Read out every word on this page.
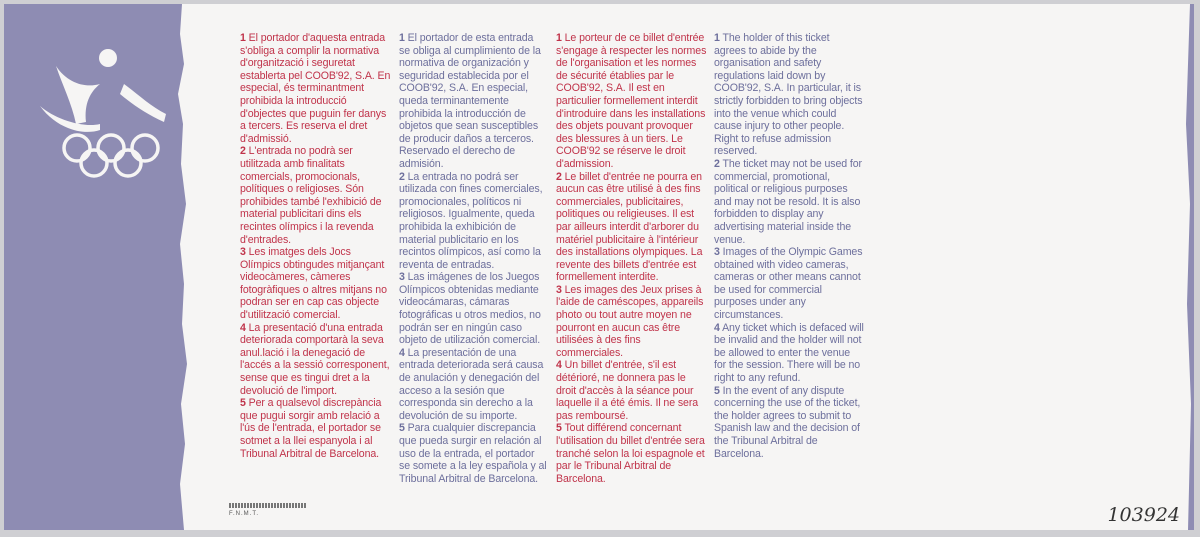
1 El portador d'aquesta entrada s'obliga a complir la normativa d'organització i seguretat establerta pel COOB'92, S.A. En especial, és terminantment prohibida la introducció d'objectes que puguin fer danys a tercers. Es reserva el dret d'admissió.

2 L'entrada no podrà ser utilitzada amb finalitats comercials, promocionals, polítiques o religioses. Són prohibides també l'exhibició de material publicitari dins els recintes olímpics i la revenda d'entrades.

3 Les imatges dels Jocs Olímpics obtingudes mitjançant videocàmeres, càmeres fotogràfiques o altres mitjans no podran ser en cap cas objecte d'utilització comercial.

4 La presentació d'una entrada deteriorada comportarà la seva anul.lació i la denegació de l'accés a la sessió corresponent, sense que es tingui dret a la devolució de l'import.

5 Per a qualsevol discrepància que pugui sorgir amb relació a l'ús de l'entrada, el portador se sotmet a la llei espanyola i al Tribunal Arbitral de Barcelona.

1 El portador de esta entrada se obliga al cumplimiento de la normativa de organización y seguridad establecida por el COOB'92, S.A. En especial, queda terminantemente prohibida la introducción de objetos que sean susceptibles de producir daños a terceros. Reservado el derecho de admisión.

2 La entrada no podrá ser utilizada con fines comerciales, promocionales, políticos ni religiosos. Igualmente, queda prohibida la exhibición de material publicitario en los recintos olímpicos, así como la reventa de entradas.

3 Las imágenes de los Juegos Olímpicos obtenidas mediante videocámaras, cámaras fotográficas u otros medios, no podrán ser en ningún caso objeto de utilización comercial.

4 La presentación de una entrada deteriorada será causa de anulación y denegación del acceso a la sesión que corresponda sin derecho a la devolución de su importe.

5 Para cualquier discrepancia que pueda surgir en relación al uso de la entrada, el portador se somete a la ley española y al Tribunal Arbitral de Barcelona.

1 Le porteur de ce billet d'entrée s'engage à respecter les normes de l'organisation et les normes de sécurité établies par le COOB'92, S.A. Il est en particulier formellement interdit d'introduire dans les installations des objets pouvant provoquer des blessures à un tiers. Le COOB'92 se réserve le droit d'admission.

2 Le billet d'entrée ne pourra en aucun cas être utilisé à des fins commerciales, publicitaires, politiques ou religieuses. Il est par ailleurs interdit d'arborer du matériel publicitaire à l'intérieur des installations olympiques. La revente des billets d'entrée est formellement interdite.

3 Les images des Jeux prises à l'aide de caméscopes, appareils photo ou tout autre moyen ne pourront en aucun cas être utilisées à des fins commerciales.

4 Un billet d'entrée, s'il est détérioré, ne donnera pas le droit d'accès à la séance pour laquelle il a été émis. Il ne sera pas remboursé.

5 Tout différend concernant l'utilisation du billet d'entrée sera tranché selon la loi espagnole et par le Tribunal Arbitral de Barcelona.

1 The holder of this ticket agrees to abide by the organisation and safety regulations laid down by COOB'92, S.A. In particular, it is strictly forbidden to bring objects into the venue which could cause injury to other people. Right to refuse admission reserved.

2 The ticket may not be used for commercial, promotional, political or religious purposes and may not be resold. It is also forbidden to display any advertising material inside the venue.

3 Images of the Olympic Games obtained with video cameras, cameras or other means cannot be used for commercial purposes under any circumstances.

4 Any ticket which is defaced will be invalid and the holder will not be allowed to enter the venue for the session. There will be no right to any refund.

5 In the event of any dispute concerning the use of the ticket, the holder agrees to submit to Spanish law and the decision of the Tribunal Arbitral de Barcelona.

F.N.M.T.	103924
